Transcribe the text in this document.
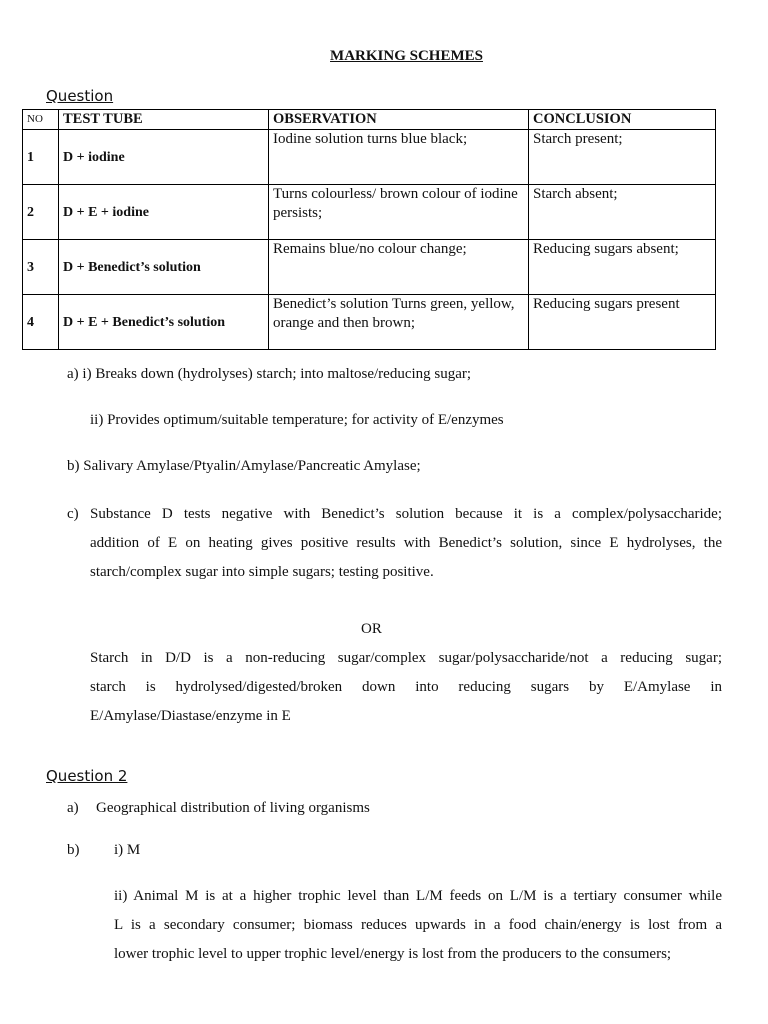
MARKING SCHEMES
Question
NO	TEST TUBE	OBSERVATION	CONCLUSION
1	D + iodine	Iodine solution turns blue black;	Starch present;
2	D + E + iodine	Turns colourless/ brown colour of iodine persists;	Starch absent;
3	D + Benedict’s solution	Remains blue/no colour change;	Reducing sugars absent;
4	D + E + Benedict’s solution	Benedict’s solution Turns green, yellow, orange and then brown;	Reducing sugars present
a) i) Breaks down (hydrolyses) starch; into maltose/reducing sugar;
ii) Provides optimum/suitable temperature; for activity of E/enzymes
b) Salivary Amylase/Ptyalin/Amylase/Pancreatic Amylase;
c) Substance D tests negative with Benedict’s solution because it is a complex/polysaccharide;
addition of E on heating gives positive results with Benedict’s solution, since E hydrolyses, the
starch/complex sugar into simple sugars; testing positive.
OR
Starch in D/D is a non-reducing sugar/complex sugar/polysaccharide/not a reducing sugar;
starch is hydrolysed/digested/broken down into reducing sugars by E/Amylase in
E/Amylase/Diastase/enzyme in E
Question 2
a) Geographical distribution of living organisms
b) i) M
ii) Animal M is at a higher trophic level than L/M feeds on L/M is a tertiary consumer while
L is a secondary consumer; biomass reduces upwards in a food chain/energy is lost from a
lower trophic level to upper trophic level/energy is lost from the producers to the consumers;
